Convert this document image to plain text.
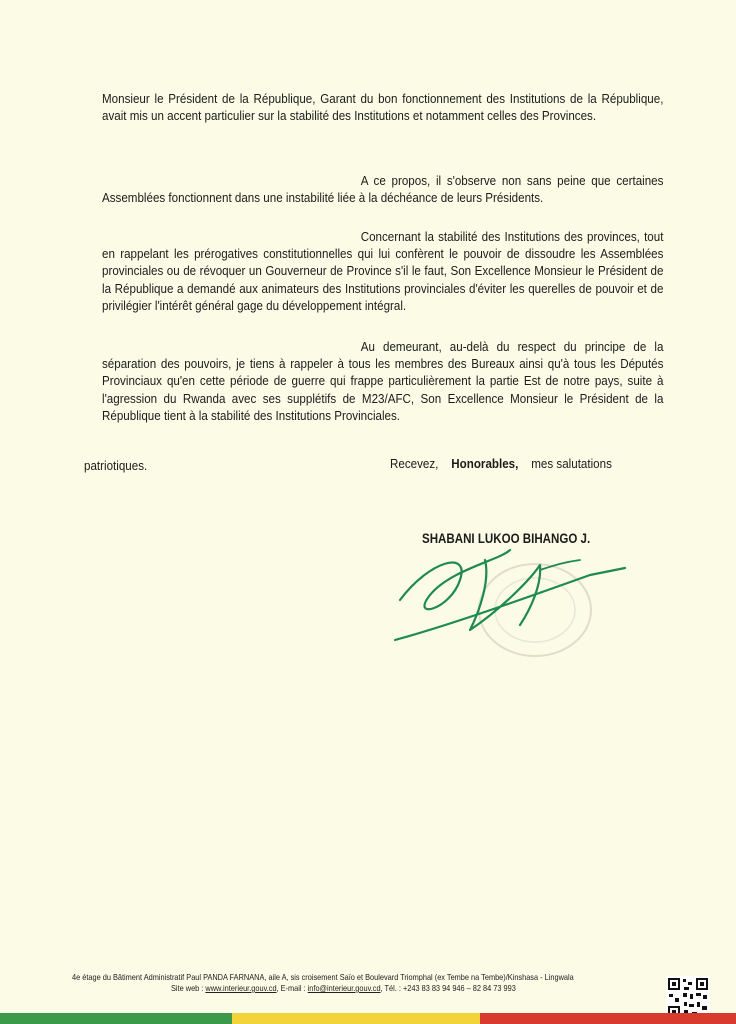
Monsieur le Président de la République, Garant du bon fonctionnement des Institutions de la République, avait mis un accent particulier sur la stabilité des Institutions et notamment celles des Provinces.
A ce propos, il s'observe non sans peine que certaines Assemblées fonctionnent dans une instabilité liée à la déchéance de leurs Présidents.
Concernant la stabilité des Institutions des provinces, tout en rappelant les prérogatives constitutionnelles qui lui confèrent le pouvoir de dissoudre les Assemblées provinciales ou de révoquer un Gouverneur de Province s'il le faut, Son Excellence Monsieur le Président de la République a demandé aux animateurs des Institutions provinciales d'éviter les querelles de pouvoir et de privilégier l'intérêt général gage du développement intégral.
Au demeurant, au-delà du respect du principe de la séparation des pouvoirs, je tiens à rappeler à tous les membres des Bureaux ainsi qu'à tous les Députés Provinciaux qu'en cette période de guerre qui frappe particulièrement la partie Est de notre pays, suite à l'agression du Rwanda avec ses supplétifs de M23/AFC, Son Excellence Monsieur le Président de la République tient à la stabilité des Institutions Provinciales.
Recevez, Honorables, mes salutations
patriotiques.
SHABANI LUKOO BIHANGO J.
4e étage du Bâtiment Administratif Paul PANDA FARNANA, aile A, sis croisement Saïo et Boulevard Triomphal (ex Tembe na Tembe)/Kinshasa - Lingwala
Site web : www.interieur.gouv.cd, E-mail : info@interieur.gouv.cd, Tél. : +243 83 83 94 946 – 82 84 73 993
